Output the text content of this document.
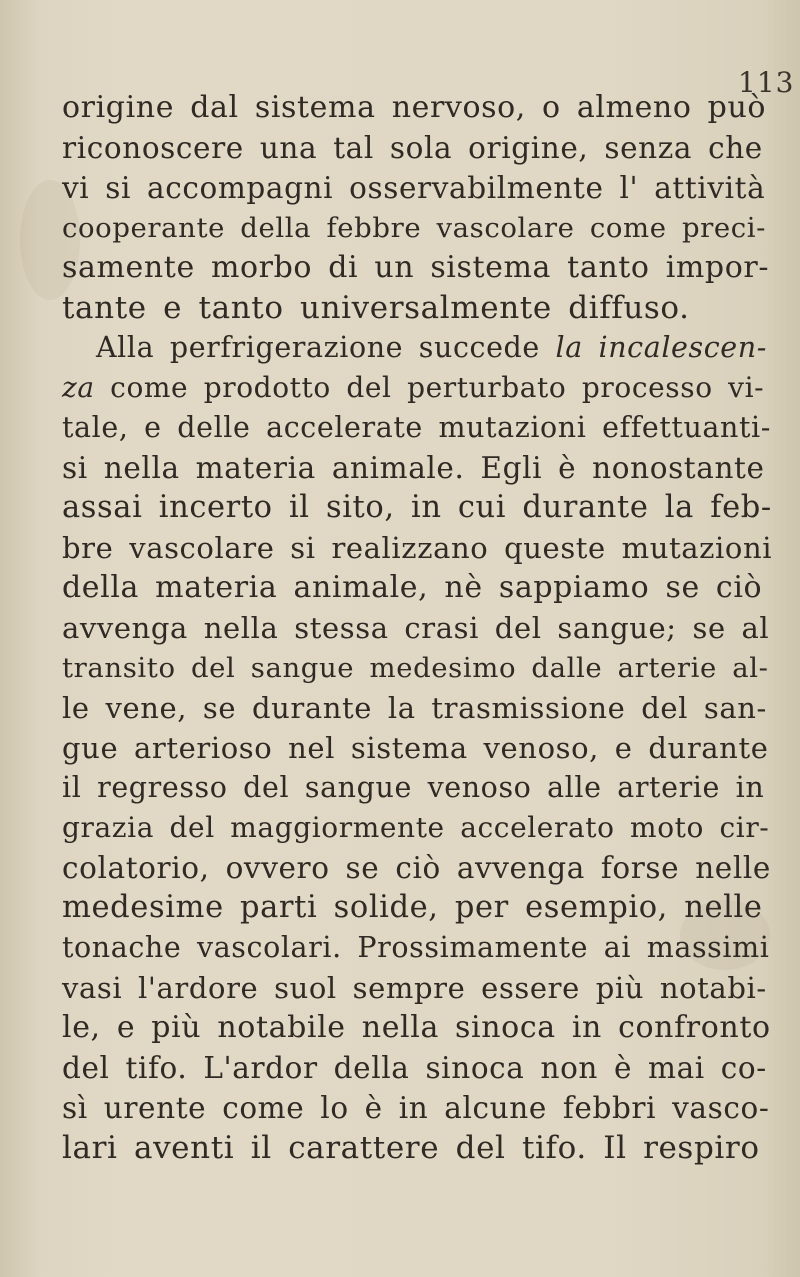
113
origine dal sistema nervoso, o almeno può
riconoscere una tal sola origine, senza che
vi si accompagni osservabilmente l' attività
cooperante della febbre vascolare come preci-
samente morbo di un sistema tanto impor-
tante e tanto universalmente diffuso.
Alla perfrigerazione succede la incalescen-
za come prodotto del perturbato processo vi-
tale, e delle accelerate mutazioni effettuanti-
si nella materia animale. Egli è nonostante
assai incerto il sito, in cui durante la feb-
bre vascolare si realizzano queste mutazioni
della materia animale, nè sappiamo se ciò
avvenga nella stessa crasi del sangue; se al
transito del sangue medesimo dalle arterie al-
le vene, se durante la trasmissione del san-
gue arterioso nel sistema venoso, e durante
il regresso del sangue venoso alle arterie in
grazia del maggiormente accelerato moto cir-
colatorio, ovvero se ciò avvenga forse nelle
medesime parti solide, per esempio, nelle
tonache vascolari. Prossimamente ai massimi
vasi l'ardore suol sempre essere più notabi-
le, e più notabile nella sinoca in confronto
del tifo. L'ardor della sinoca non è mai co-
sì urente come lo è in alcune febbri vasco-
lari aventi il carattere del tifo. Il respiro
